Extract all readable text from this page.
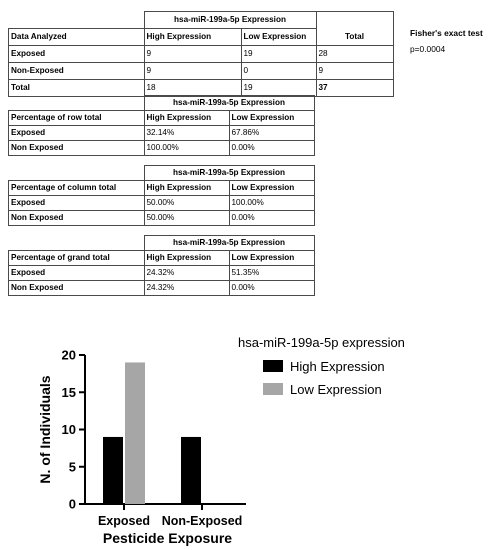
	hsa-miR-199a-5p Expression		
Data Analyzed	High Expression	Low Expression	Total
Exposed	9	19	28
Non-Exposed	9	0	9
Total	18	19	37
Fisher's exact test
p=0.0004
	hsa-miR-199a-5p Expression	
Percentage of row total	High Expression	Low Expression
Exposed	32.14%	67.86%
Non Exposed	100.00%	0.00%
	hsa-miR-199a-5p Expression	
Percentage of column total	High Expression	Low Expression
Exposed	50.00%	100.00%
Non Exposed	50.00%	0.00%
	hsa-miR-199a-5p Expression	
Percentage of grand total	High Expression	Low Expression
Exposed	24.32%	51.35%
Non Exposed	24.32%	0.00%
0
5
10
15
20
Exposed Non-Exposed
Pesticide Exposure
N. of Individuals
hsa-miR-199a-5p expression
High Expression
Low Expression
